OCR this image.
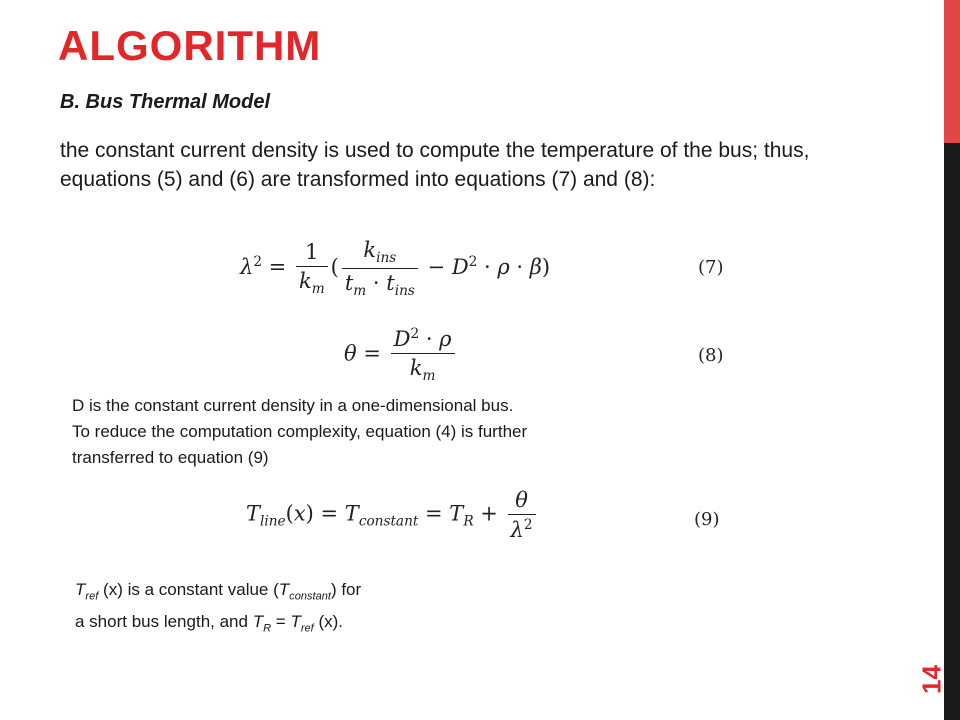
ALGORITHM
B. Bus Thermal Model
the constant current density is used to compute the temperature of the bus; thus, equations (5) and (6) are transformed into equations (7) and (8):
$\lambda^2 = \frac{1}{k_m}$ ( $\frac{k_{ins}}{t_m \cdot t_{ins}} - D^2 \cdot \rho \cdot \beta$)	(7)
$\theta = \frac{D^2 \cdot \rho}{k_m}$	(8)
D is the constant current density in a one-dimensional bus.
To reduce the computation complexity, equation (4) is further
transferred to equation (9)
$T_{line}(x) = T_{constant} = T_R + \frac{\theta}{\lambda^2}$	(9)
$T_{ref}$ (x) is a constant value $(T_{constant})$ for
a short bus length, and $T_R = T_{ref}$ (x).
14
